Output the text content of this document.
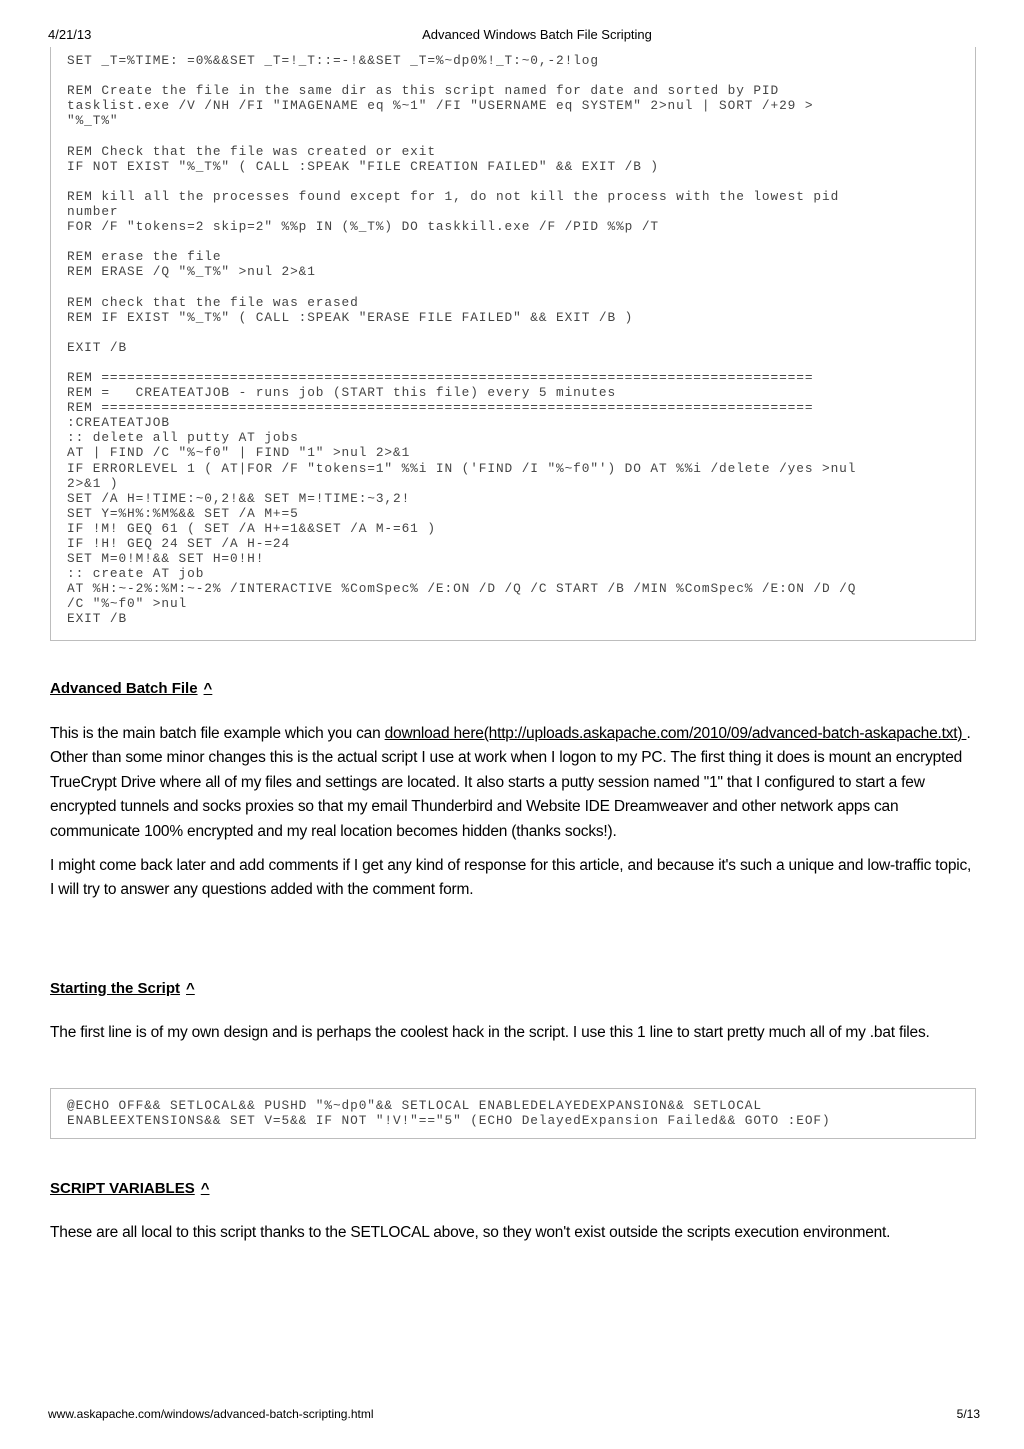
4/21/13	Advanced Windows Batch File Scripting
SET _T=%TIME: =0%&&SET _T=!_T::=-!&&SET _T=%~dp0%!_T:~0,-2!log

REM Create the file in the same dir as this script named for date and sorted by PID
tasklist.exe /V /NH /FI "IMAGENAME eq %~1" /FI "USERNAME eq SYSTEM" 2>nul | SORT /+29 >
"%_T%"

REM Check that the file was created or exit
IF NOT EXIST "%_T%" ( CALL :SPEAK "FILE CREATION FAILED" && EXIT /B )

REM kill all the processes found except for 1, do not kill the process with the lowest pid
number
FOR /F "tokens=2 skip=2" %%p IN (%_T%) DO taskkill.exe /F /PID %%p /T

REM erase the file
REM ERASE /Q "%_T%" >nul 2>&1

REM check that the file was erased
REM IF EXIST "%_T%" ( CALL :SPEAK "ERASE FILE FAILED" && EXIT /B )

EXIT /B

REM ===================================================================================
REM =   CREATEATJOB - runs job (START this file) every 5 minutes
REM ===================================================================================
:CREATEATJOB
:: delete all putty AT jobs
AT | FIND /C "%~f0" | FIND "1" >nul 2>&1
IF ERRORLEVEL 1 ( AT|FOR /F "tokens=1" %%i IN ('FIND /I "%~f0"') DO AT %%i /delete /yes >nul
2>&1 )
SET /A H=!TIME:~0,2!&& SET M=!TIME:~3,2!
SET Y=%H%:%M%&& SET /A M+=5
IF !M! GEQ 61 ( SET /A H+=1&&SET /A M-=61 )
IF !H! GEQ 24 SET /A H-=24
SET M=0!M!&& SET H=0!H!
:: create AT job
AT %H:~-2%:%M:~-2% /INTERACTIVE %ComSpec% /E:ON /D /Q /C START /B /MIN %ComSpec% /E:ON /D /Q
/C "%~f0" >nul
EXIT /B
Advanced Batch File ^

This is the main batch file example which you can download here(http://uploads.askapache.com/2010/09/advanced-batch-askapache.txt) . Other than some minor changes this is the actual script I use at work when I logon to my PC. The first thing it does is mount an encrypted TrueCrypt Drive where all of my files and settings are located. It also starts a putty session named "1" that I configured to start a few encrypted tunnels and socks proxies so that my email Thunderbird and Website IDE Dreamweaver and other network apps can communicate 100% encrypted and my real location becomes hidden (thanks socks!).

I might come back later and add comments if I get any kind of response for this article, and because it's such a unique and low-traffic topic, I will try to answer any questions added with the comment form.

Starting the Script ^

The first line is of my own design and is perhaps the coolest hack in the script. I use this 1 line to start pretty much all of my .bat files.

@ECHO OFF&& SETLOCAL&& PUSHD "%~dp0"&& SETLOCAL ENABLEDELAYEDEXPANSION&& SETLOCAL
ENABLEEXTENSIONS&& SET V=5&& IF NOT "!V!"=="5" (ECHO DelayedExpansion Failed&& GOTO :EOF)
SCRIPT VARIABLES ^

These are all local to this script thanks to the SETLOCAL above, so they won't exist outside the scripts execution environment.

www.askapache.com/windows/advanced-batch-scripting.html	5/13
